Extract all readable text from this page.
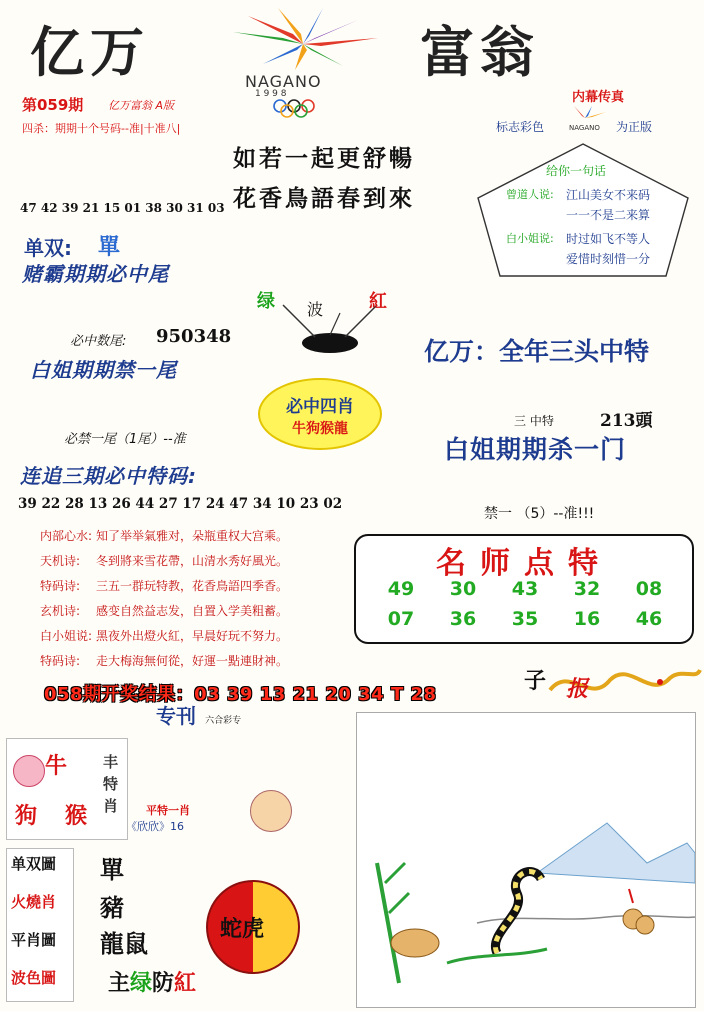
亿万	富翁
NAGANO
1 9 9 8
第059期 亿万富翁 A版
四杀：期期十个号码--准|十准八|
如若一起更舒暢
花香鳥語春到來
内幕传真
标志彩色	NAGANO 为正版
给你一句话
曾道人说: 江山美女不来码
一一不是二来算
白小姐说: 时过如飞不等人
爱惜时刻惜一分
47 42 39 21 15 01 38 30 31 03
单双: 單
赌霸期期必中尾
绿 波	紅
必中数尾: 950348
白姐期期禁一尾
亿万：全年三头中特
必中四肖
牛狗猴龍	三 中特	213頭
白姐期期杀一门
必禁一尾（1尾）--准
连追三期必中特码:
39 22 28 13 26 44 27 17 24 47 34 10 23 02
禁一 （5）--准!!!
内部心水: 知了举举氣雅对，朵瓶重权大宫乘。
天机诗: 冬到將来雪花帶，山清水秀好風光。
特码诗: 三五一群玩特教，花香鳥語四季香。
玄机诗: 感变自然益志发，自置入学美粗蓄。
白小姐说: 黑夜外出燈火紅，早晨好玩不努力。
特码诗: 走大梅海無何從，好運一點連財神。
名师点特
49 30 43 32 08
07 36 35 16 46
058期开奖结果：03 39 13 21 20 34 T 28
子 报
专刊 六合彩专
牛
狗 猴
丰特肖	平特一肖
《欣欣》16
单双圖
火燒肖
平肖圖
波色圖
單
豬
龍鼠
蛇虎
主绿防紅
